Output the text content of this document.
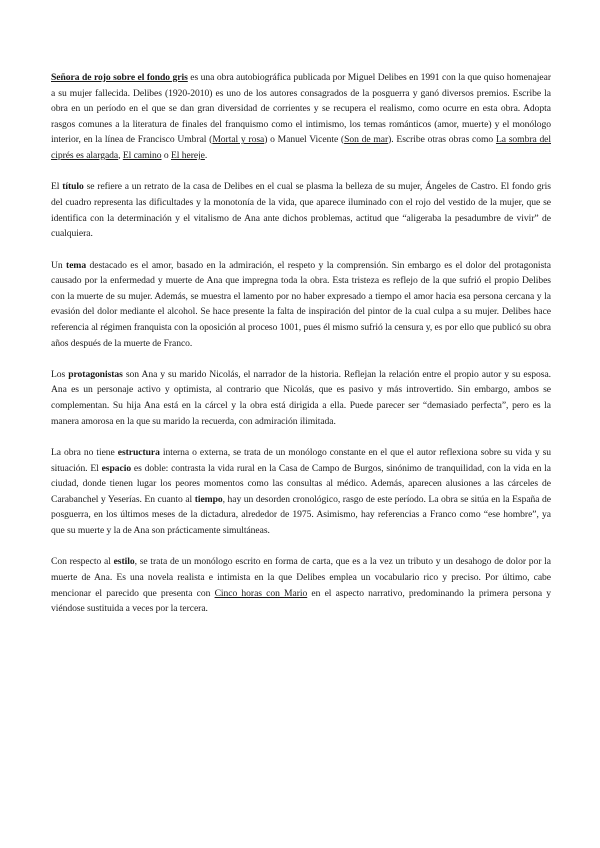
Señora de rojo sobre el fondo gris es una obra autobiográfica publicada por Miguel Delibes en 1991 con la que quiso homenajear a su mujer fallecida. Delibes (1920-2010) es uno de los autores consagrados de la posguerra y ganó diversos premios. Escribe la obra en un período en el que se dan gran diversidad de corrientes y se recupera el realismo, como ocurre en esta obra. Adopta rasgos comunes a la literatura de finales del franquismo como el intimismo, los temas románticos (amor, muerte) y el monólogo interior, en la línea de Francisco Umbral (Mortal y rosa) o Manuel Vicente (Son de mar). Escribe otras obras como La sombra del ciprés es alargada, El camino o El hereje.

El título se refiere a un retrato de la casa de Delibes en el cual se plasma la belleza de su mujer, Ángeles de Castro. El fondo gris del cuadro representa las dificultades y la monotonía de la vida, que aparece iluminado con el rojo del vestido de la mujer, que se identifica con la determinación y el vitalismo de Ana ante dichos problemas, actitud que “aligeraba la pesadumbre de vivir” de cualquiera.

Un tema destacado es el amor, basado en la admiración, el respeto y la comprensión. Sin embargo es el dolor del protagonista causado por la enfermedad y muerte de Ana que impregna toda la obra. Esta tristeza es reflejo de la que sufrió el propio Delibes con la muerte de su mujer. Además, se muestra el lamento por no haber expresado a tiempo el amor hacia esa persona cercana y la evasión del dolor mediante el alcohol. Se hace presente la falta de inspiración del pintor de la cual culpa a su mujer. Delibes hace referencia al régimen franquista con la oposición al proceso 1001, pues él mismo sufrió la censura y, es por ello que publicó su obra años después de la muerte de Franco.

Los protagonistas son Ana y su marido Nicolás, el narrador de la historia. Reflejan la relación entre el propio autor y su esposa. Ana es un personaje activo y optimista, al contrario que Nicolás, que es pasivo y más introvertido. Sin embargo, ambos se complementan. Su hija Ana está en la cárcel y la obra está dirigida a ella. Puede parecer ser “demasiado perfecta”, pero es la manera amorosa en la que su marido la recuerda, con admiración ilimitada.

La obra no tiene estructura interna o externa, se trata de un monólogo constante en el que el autor reflexiona sobre su vida y su situación. El espacio es doble: contrasta la vida rural en la Casa de Campo de Burgos, sinónimo de tranquilidad, con la vida en la ciudad, donde tienen lugar los peores momentos como las consultas al médico. Además, aparecen alusiones a las cárceles de Carabanchel y Yeserías. En cuanto al tiempo, hay un desorden cronológico, rasgo de este período. La obra se sitúa en la España de posguerra, en los últimos meses de la dictadura, alrededor de 1975. Asimismo, hay referencias a Franco como “ese hombre”, ya que su muerte y la de Ana son prácticamente simultáneas.

Con respecto al estilo, se trata de un monólogo escrito en forma de carta, que es a la vez un tributo y un desahogo de dolor por la muerte de Ana. Es una novela realista e intimista en la que Delibes emplea un vocabulario rico y preciso. Por último, cabe mencionar el parecido que presenta con Cinco horas con Mario en el aspecto narrativo, predominando la primera persona y viéndose sustituida a veces por la tercera.
